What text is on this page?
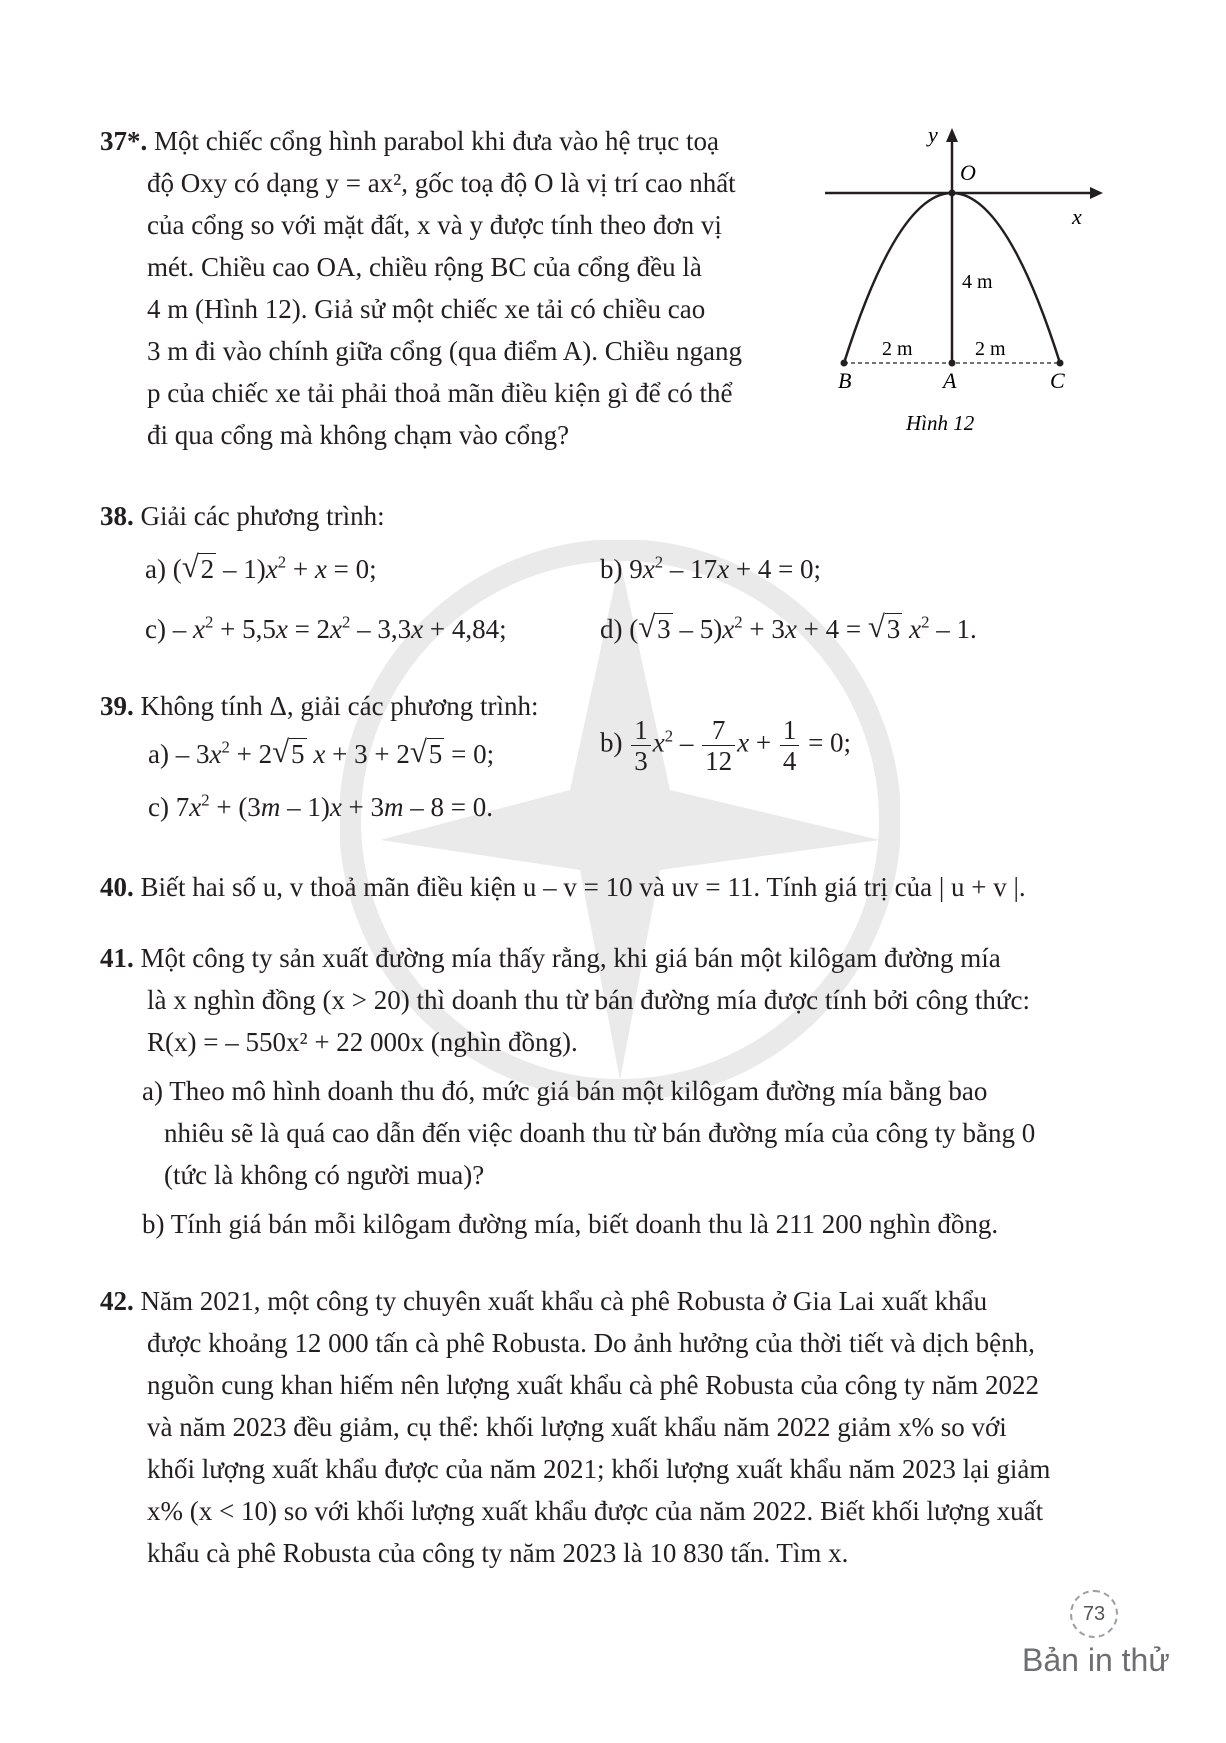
37*. Một chiếc cổng hình parabol khi đưa vào hệ trục toạ
độ Oxy có dạng y = ax², gốc toạ độ O là vị trí cao nhất
của cổng so với mặt đất, x và y được tính theo đơn vị
mét. Chiều cao OA, chiều rộng BC của cổng đều là
4 m (Hình 12). Giả sử một chiếc xe tải có chiều cao
3 m đi vào chính giữa cổng (qua điểm A). Chiều ngang
p của chiếc xe tải phải thoả mãn điều kiện gì để có thể
đi qua cổng mà không chạm vào cổng?
y
x
O
4 m
2 m	2 m
B	A	C
Hình 12
38. Giải các phương trình:
a) ( √ $2 - 1)x^2 + x = 0$;	b) $9x^2 - 17x + 4 = 0$;
$c) - x^2 + 5,5x = 2x^2 - 3,3x + 4,84$;	d) ( √ $3 - 5)x^2 + 3x + 4$ = √ 3 $x^2 - 1$.
39. Không tính Δ, giải các phương trình:
$a) - 3x^2 + 2$ √ 5 x + 3 + 2 √ 5 = 0;	$b) \frac{1}{3} x^2 - \frac{7}{12}$ $x + \frac{1}{4} = 0$;
c) $7x^2 + (3m - 1)x + 3m - 8 = 0$.
40. Biết hai số u, v thoả mãn điều kiện u – v = 10 và uv = 11. Tính giá trị của | u + v |.
41. Một công ty sản xuất đường mía thấy rằng, khi giá bán một kilôgam đường mía
là x nghìn đồng (x > 20) thì doanh thu từ bán đường mía được tính bởi công thức:
R(x) = – 550x² + 22 000x (nghìn đồng).
a) Theo mô hình doanh thu đó, mức giá bán một kilôgam đường mía bằng bao
nhiêu sẽ là quá cao dẫn đến việc doanh thu từ bán đường mía của công ty bằng 0
(tức là không có người mua)?
b) Tính giá bán mỗi kilôgam đường mía, biết doanh thu là 211 200 nghìn đồng.
42. Năm 2021, một công ty chuyên xuất khẩu cà phê Robusta ở Gia Lai xuất khẩu
được khoảng 12 000 tấn cà phê Robusta. Do ảnh hưởng của thời tiết và dịch bệnh,
nguồn cung khan hiếm nên lượng xuất khẩu cà phê Robusta của công ty năm 2022
và năm 2023 đều giảm, cụ thể: khối lượng xuất khẩu năm 2022 giảm x% so với
khối lượng xuất khẩu được của năm 2021; khối lượng xuất khẩu năm 2023 lại giảm
x% (x < 10) so với khối lượng xuất khẩu được của năm 2022. Biết khối lượng xuất
khẩu cà phê Robusta của công ty năm 2023 là 10 830 tấn. Tìm x.
73
Bản in thử
